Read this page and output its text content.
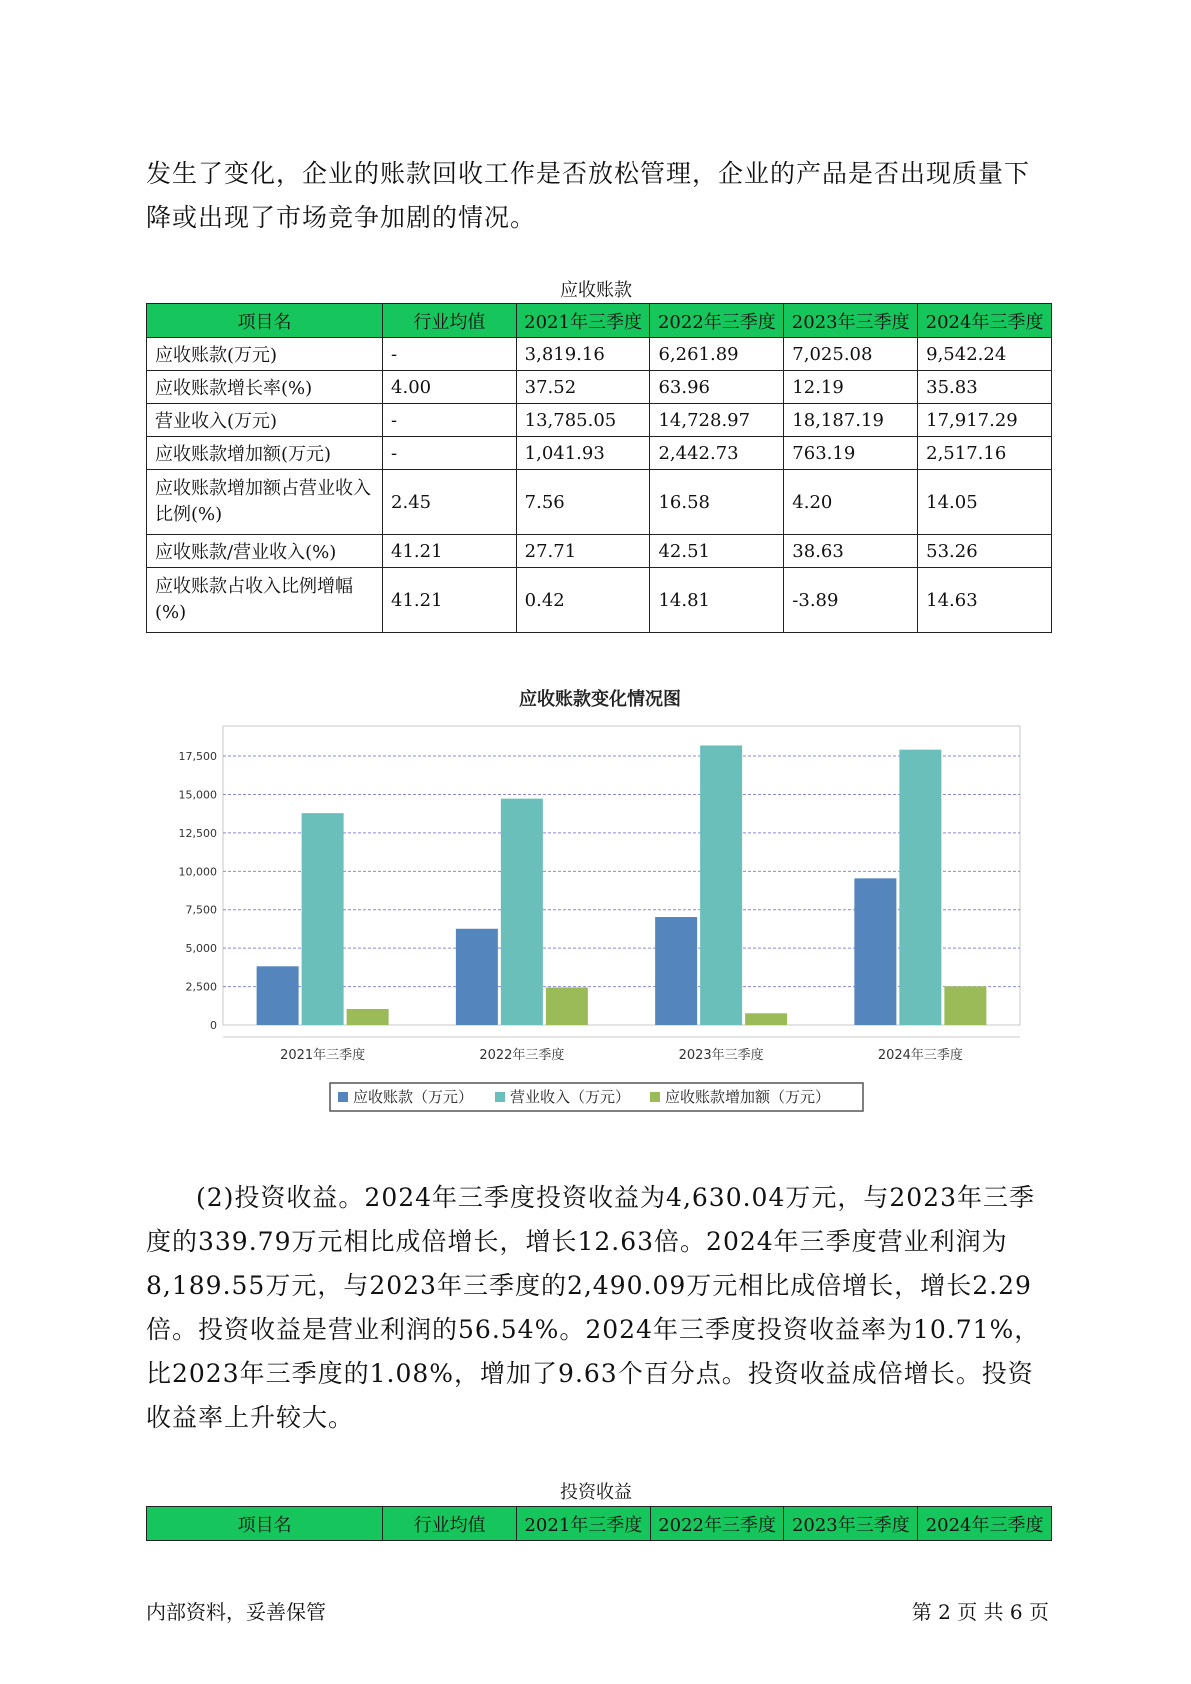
发生了变化，企业的账款回收工作是否放松管理，企业的产品是否出现质量下降或出现了市场竞争加剧的情况。

应收账款
项目名	行业均值	2021年三季度	2022年三季度	2023年三季度	2024年三季度
应收账款(万元)	-	3,819.16	6,261.89	7,025.08	9,542.24
应收账款增长率(%)	4.00	37.52	63.96	12.19	35.83
营业收入(万元)	-	13,785.05	14,728.97	18,187.19	17,917.29
应收账款增加额(万元)	-	1,041.93	2,442.73	763.19	2,517.16
应收账款增加额占营业收入比例(%)	2.45	7.56	16.58	4.20	14.05
应收账款/营业收入(%)	41.21	27.71	42.51	38.63	53.26
应收账款占收入比例增幅(%)	41.21	0.42	14.81	-3.89	14.63
应收账款变化情况图
0
2,500
5,000
7,500
10,000
12,500
15,000
17,500
2021年三季度	2022年三季度	2023年三季度	2024年三季度
应收账款（万元） 营业收入（万元） 应收账款增加额（万元）

(2)投资收益。2024年三季度投资收益为4,630.04万元，与2023年三季度的339.79万元相比成倍增长，增长12.63倍。2024年三季度营业利润为8,189.55万元，与2023年三季度的2,490.09万元相比成倍增长，增长2.29倍。投资收益是营业利润的56.54%。2024年三季度投资收益率为10.71%，比2023年三季度的1.08%，增加了9.63个百分点。投资收益成倍增长。投资收益率上升较大。

投资收益
项目名	行业均值	2021年三季度	2022年三季度	2023年三季度	2024年三季度
内部资料，妥善保管	第 2 页 共 6 页
